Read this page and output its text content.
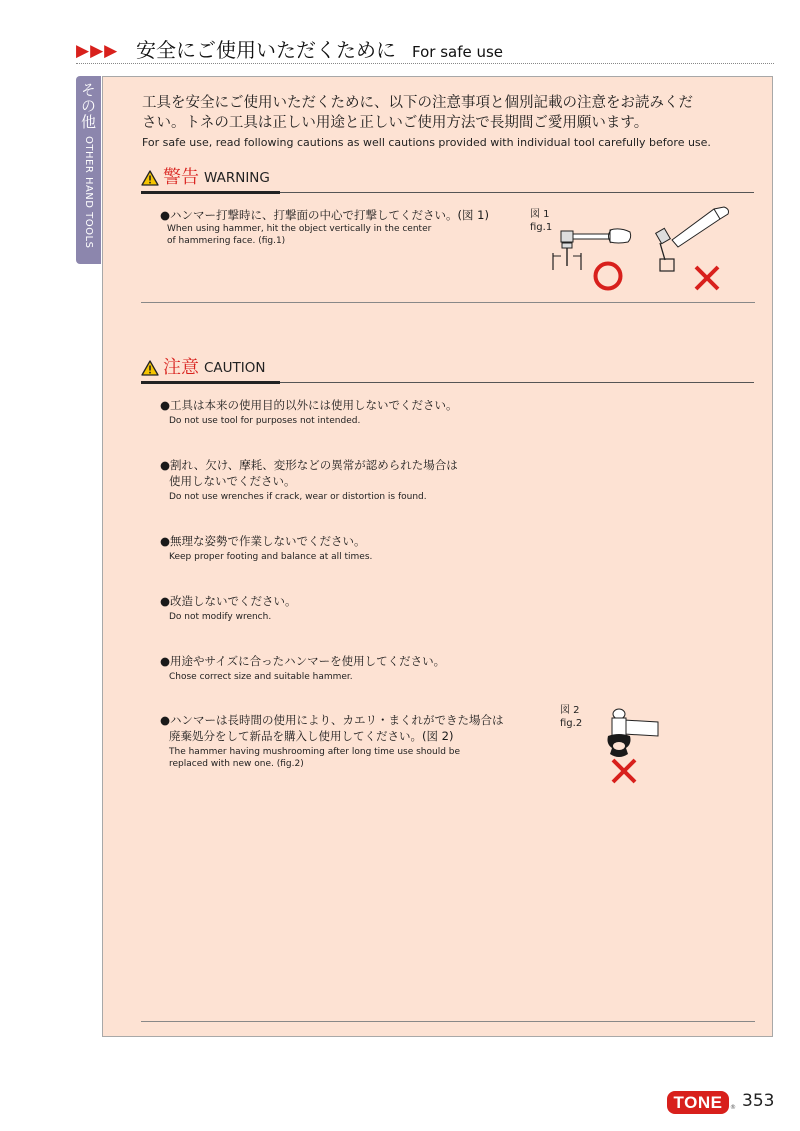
▶▶▶ 安全にご使用いただくために For safe use
その他
OTHER HAND TOOLS
工具を安全にご使用いただくために、以下の注意事項と個別記載の注意をお読みくだ
さい。トネの工具は正しい用途と正しいご使用方法で長期間ご愛用願います。
For safe use, read following cautions as well cautions provided with individual tool carefully before use.
警告 WARNING
●ハンマー打撃時に、打撃面の中心で打撃してください。(図 1)
When using hammer, hit the object vertically in the center
of hammering face. (fig.1)
図 1
fig.1
注意 CAUTION
●工具は本来の使用目的以外には使用しないでください。
Do not use tool for purposes not intended.
●割れ、欠け、摩耗、変形などの異常が認められた場合は
使用しないでください。
Do not use wrenches if crack, wear or distortion is found.
●無理な姿勢で作業しないでください。
Keep proper footing and balance at all times.
●改造しないでください。
Do not modify wrench.
●用途やサイズに合ったハンマーを使用してください。
Chose correct size and suitable hammer.
●ハンマーは長時間の使用により、カエリ・まくれができた場合は
廃棄処分をして新品を購入し使用してください。(図 2)
The hammer having mushrooming after long time use should be
replaced with new one. (fig.2)
図 2
fig.2
TONE	® 353
